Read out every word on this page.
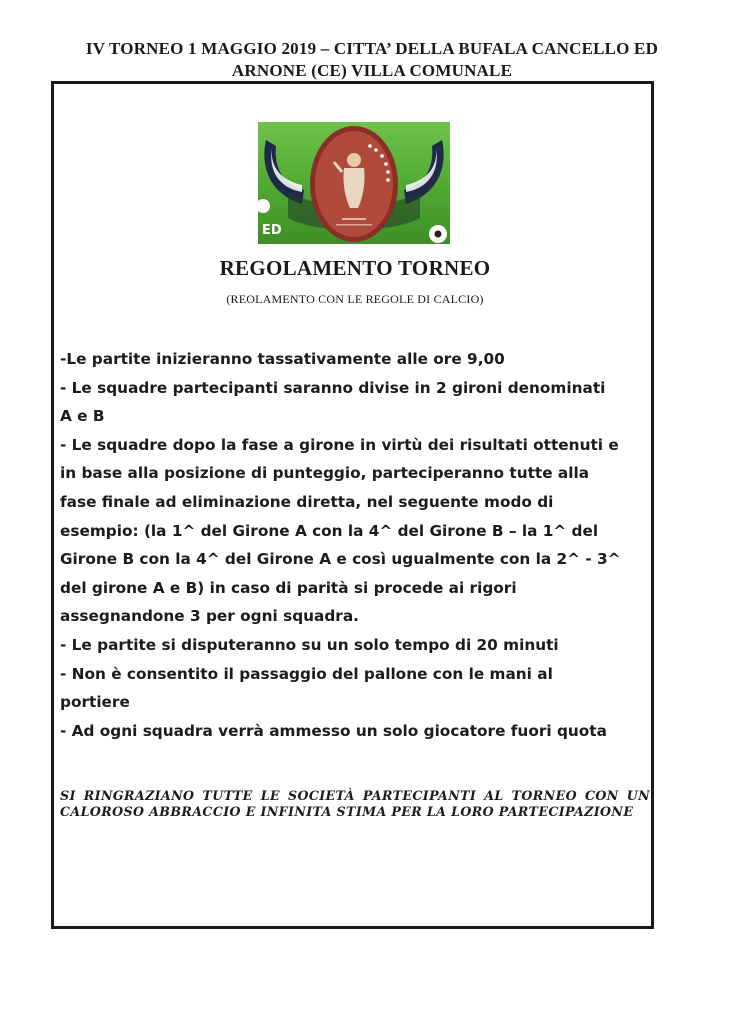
IV TORNEO 1 MAGGIO 2019 – CITTA’ DELLA BUFALA CANCELLO ED
ARNONE (CE) VILLA COMUNALE
ED
REGOLAMENTO TORNEO
(REOLAMENTO CON LE REGOLE DI CALCIO)
-Le partite inizieranno tassativamente alle ore 9,00
- Le squadre partecipanti saranno divise in 2 gironi denominati
A e B
- Le squadre dopo la fase a girone in virtù dei risultati ottenuti e
in base alla posizione di punteggio, parteciperanno tutte alla
fase finale ad eliminazione diretta, nel seguente modo di
esempio: (la 1^ del Girone A con la 4^ del Girone B – la 1^ del
Girone B con la 4^ del Girone A e così ugualmente con la 2^ - 3^
del girone A e B) in caso di parità si procede ai rigori
assegnandone 3 per ogni squadra.
- Le partite si disputeranno su un solo tempo di 20 minuti
- Non è consentito il passaggio del pallone con le mani al
portiere
- Ad ogni squadra verrà ammesso un solo giocatore fuori quota
SI RINGRAZIANO TUTTE LE SOCIETÀ PARTECIPANTI AL TORNEO CON UN CALOROSO ABBRACCIO E INFINITA STIMA PER LA LORO PARTECIPAZIONE
